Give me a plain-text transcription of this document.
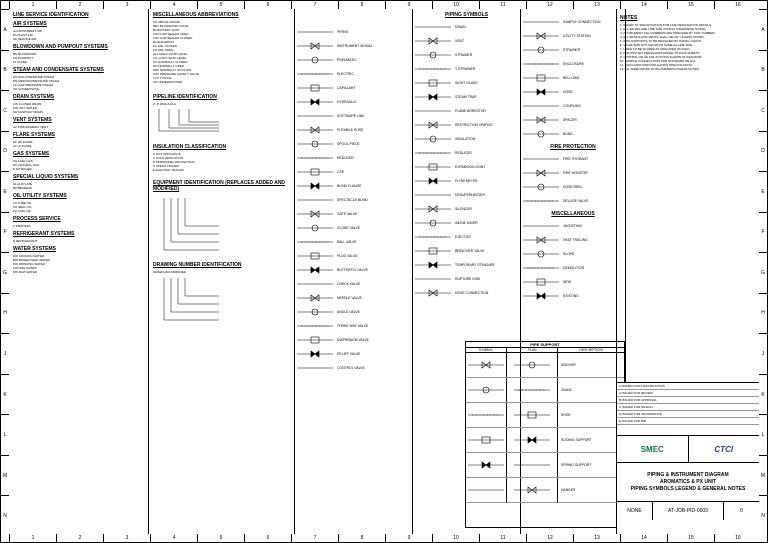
1	2	3	4	5	6	7	8	9	10	11	12	13	14	15	16
1	2	3	4	5	6	7	8	9	10	11	12	13	14	15	16
A
B
C
D
E
F
G
H
J
K
L
M
N
A
B
C
D
E
F
G
H
J
K
L
M
N
LINE SERVICE IDENTIFICATION
AIR SYSTEMS
IA INSTRUMENT AIR
PA PLANT AIR
SA SERVICE AIR
BLOWDOWN AND PUMPOUT SYSTEMS
BD BLOWDOWN
PO PUMPOUT
FL FLARE
STEAM AND CONDENSATE SYSTEMS
HS HIGH PRESSURE STEAM
MS MEDIUM PRESSURE STEAM
LS LOW PRESSURE STEAM
CD CONDENSATE
DRAIN SYSTEMS
CW CLOSED DRAIN
OW OILY WATER
SD SANITARY DRAIN
VENT SYSTEMS
AV ATMOSPHERIC VENT
FLARE SYSTEMS
HF HP FLARE
LF LP FLARE
GAS SYSTEMS
FG FUEL GAS
NG NATURAL GAS
N NITROGEN
SPECIAL LIQUID SYSTEMS
AL ALKYLATE
BZ BENZENE
OIL UTILITY SYSTEMS
LO LUBE OIL
SO SEAL OIL
FO FUEL OIL
PROCESS SERVICE
P PROCESS
REFRIGERANT SYSTEMS
R REFRIGERANT
WATER SYSTEMS
CW COOLING WATER
BW BOILER FEED WATER
DW DRINKING WATER
FW FIRE WATER
RW RAW WATER
MISCELLANEOUS ABBREVIATIONS
AG ABOVE GRADE
BDV BLOWDOWN VALVE
BL BATTERY LIMIT
CSO CAR SEALED OPEN
CSC CAR SEALED CLOSED
EL ELEVATION
FC FAIL CLOSED
FO FAIL OPEN
HLL HIGH LIQUID LEVEL
LLL LOW LIQUID LEVEL
NC NORMALLY CLOSED
NO NORMALLY OPEN
NNF NORMALLY NO FLOW
PSV PRESSURE SAFETY VALVE
TYP TYPICAL
UG UNDERGROUND
PIPELINE IDENTIFICATION
2"-P-1001-A1A-H
INSULATION CLASSIFICATION
H HOT INSULATION
C COLD INSULATION
P PERSONNEL PROTECTION
S STEAM TRACED
E ELECTRIC TRACED
EQUIPMENT IDENTIFICATION (REPLACES ADDED AND MODIFIED)
DRAWING NUMBER IDENTIFICATION
ADDED AND MODIFIED
PIPING
INSTRUMENT SIGNAL
PNEUMATIC
ELECTRIC
CAPILLARY
HYDRAULIC
SOFTWARE LINK
FLEXIBLE HOSE
SPOOL PIECE
REDUCER
CAP
BLIND FLANGE
SPECTACLE BLIND
GATE VALVE
GLOBE VALVE
BALL VALVE
PLUG VALVE
BUTTERFLY VALVE
CHECK VALVE
NEEDLE VALVE
ANGLE VALVE
THREE WAY VALVE
DIAPHRAGM VALVE
RELIEF VALVE
CONTROL VALVE
PIPING SYMBOLS
DRAIN
VENT
STRAINER
Y-STRAINER
SIGHT GLASS
STEAM TRAP
FLAME ARRESTOR
RESTRICTION ORIFICE
INSULATION
REDUCER
EXPANSION JOINT
FLOW METER
DESUPERHEATER
SILENCER
INLINE MIXER
EJECTOR
BREATHER VALVE
TEMPORARY STRAINER
RUPTURE DISK
HOSE CONNECTION
SAMPLE CONNECTION
UTILITY STATION
STRAINER
ENCLOSURE
BELLOWS
HOSE
COUPLING
SPACER
BUND
FIRE PROTECTION
FIRE HYDRANT
FIRE MONITOR
HOSE REEL
DELUGE VALVE
MISCELLANEOUS
JACKETING
HEAT TRACING
SLOPE
DEMOLITION
NEW
EXISTING
PIPE SUPPORT
SYMBOL	PLAN	DESCRIPTION
ANCHOR
GUIDE
SHOE
SLIDING SUPPORT
SPRING SUPPORT
HANGER
NOTES
1. REFER TO SPECIFICATION FOR LINE DESIGNATION DETAILS.
2. ALL VALVES ARE LINE SIZE UNLESS OTHERWISE NOTED.
3. INSTRUMENT TAG NUMBERS ARE PREFIXED BY UNIT NUMBER.
4. ALL DRAINS AND VENTS SHALL BE 3/4" UNLESS NOTED.
5. PIPE SUPPORTS TO BE DESIGNED BY PIPING GROUP.
6. VALVE SIZE NOT SHOWN IS SAME AS LINE SIZE.
7. LINES TO BE SLOPED AS INDICATED ON P&ID.
8. FOR PSV SET PRESSURES REFER TO DATA SHEETS.
9. CONTROL VALVE FAIL ACTIONS SHOWN ON DIAGRAM.
10. SAMPLE CONNECTIONS PER STANDARD DETAIL.
11. INSULATION PER INSULATION SPECIFICATION.
12. ALL DIMENSIONS IN MILLIMETERS UNLESS NOTED.
0 ISSUED FOR CONSTRUCTION
A ISSUED FOR REVIEW
B ISSUED FOR APPROVAL
C ISSUED FOR DESIGN
D ISSUED FOR INFORMATION
E ISSUED FOR BID
SMEC	CTCI
PIPING & INSTRUMENT DIAGRAM
AROMATICS & PX UNIT
PIPING SYMBOLS LEGEND & GENERAL NOTES
NONE	AT-JOB-PID-0003	0
